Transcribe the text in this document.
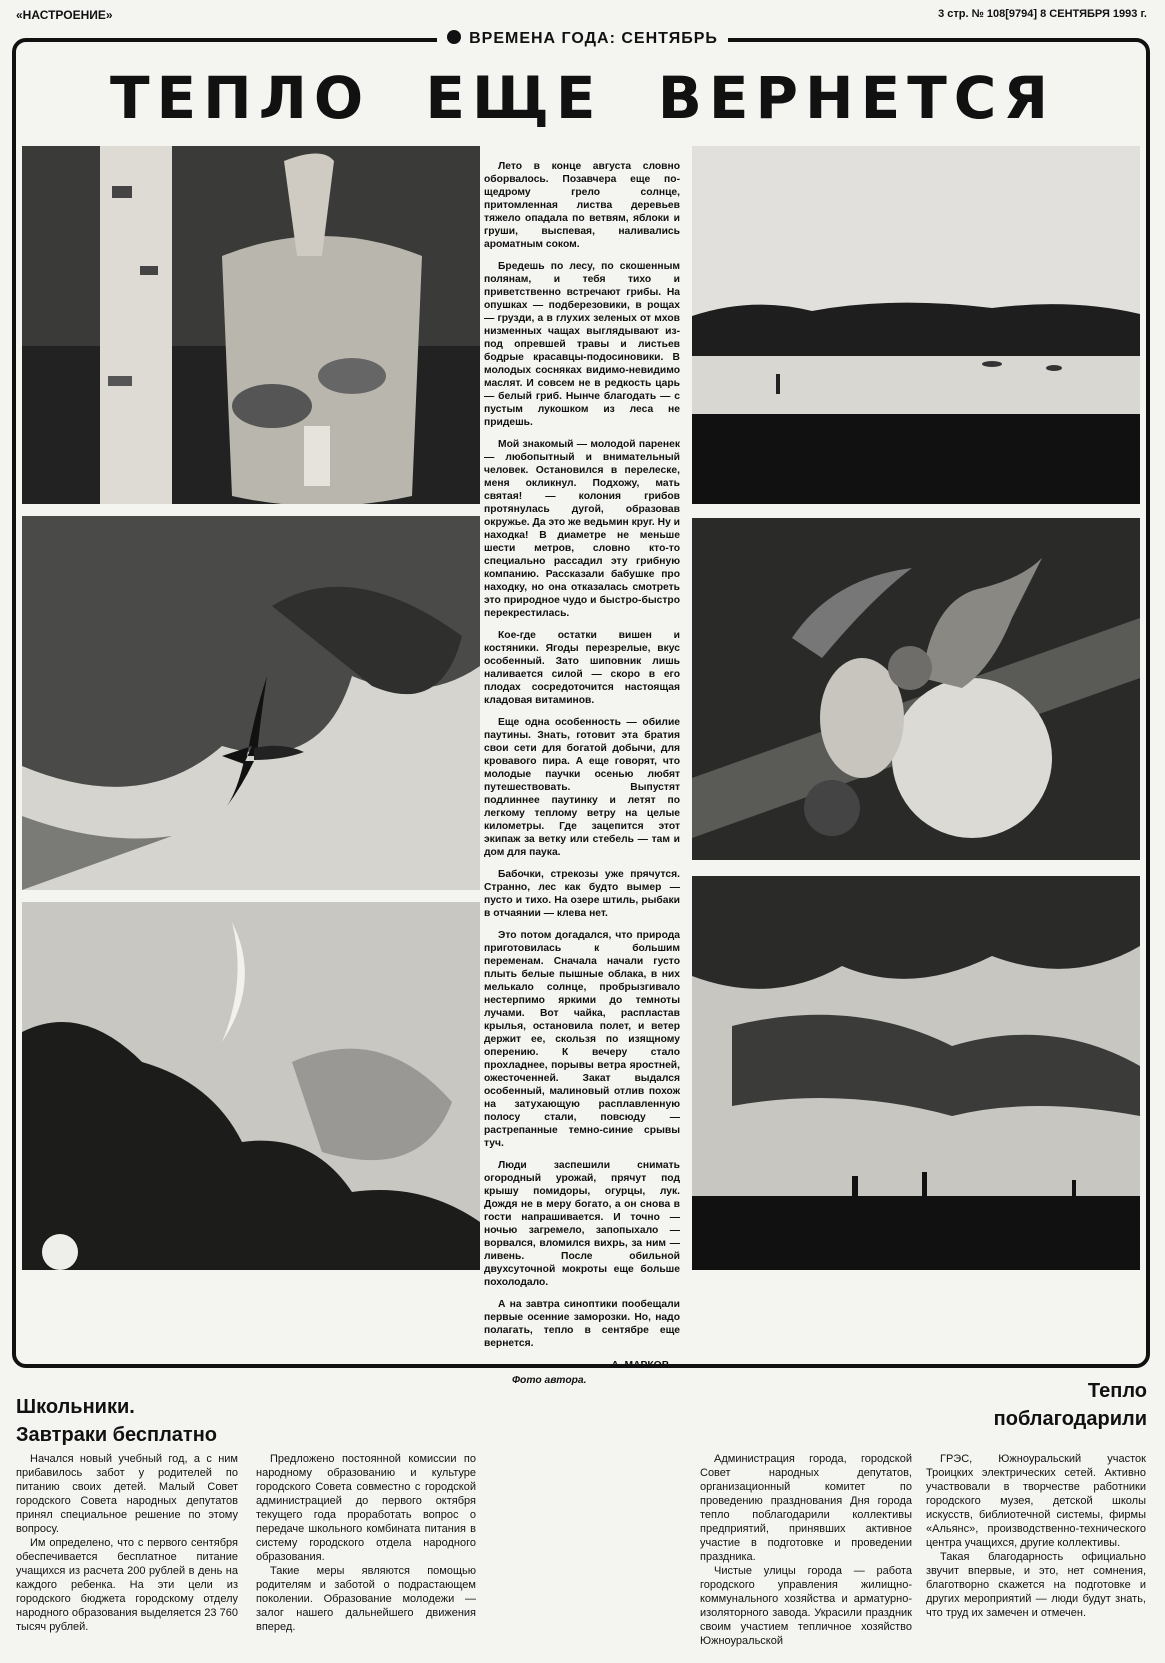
«НАСТРОЕНИЕ»	3 стр. № 108[9794] 8 СЕНТЯБРЯ 1993 г.
ВРЕМЕНА ГОДА: СЕНТЯБРЬ
ТЕПЛО ЕЩЕ ВЕРНЕТСЯ

Лето в конце августа словно оборвалось. Позавчера еще по-щедрому грело солнце, притомленная листва деревьев тяжело опадала по ветвям, яблоки и груши, выспевая, наливались ароматным соком.

Бредешь по лесу, по скошенным полянам, и тебя тихо и приветственно встречают грибы. На опушках — подберезовики, в рощах — грузди, а в глухих зеленых от мхов низменных чащах выглядывают из-под опревшей травы и листьев бодрые красавцы-подосиновики. В молодых сосняках видимо-невидимо маслят. И совсем не в редкость царь — белый гриб. Нынче благодать — с пустым лукошком из леса не придешь.

Мой знакомый — молодой паренек — любопытный и внимательный человек. Остановился в перелеске, меня окликнул. Подхожу, мать святая! — колония грибов протянулась дугой, образовав окружье. Да это же ведьмин круг. Ну и находка! В диаметре не меньше шести метров, словно кто-то специально рассадил эту грибную компанию. Рассказали бабушке про находку, но она отказалась смотреть это природное чудо и быстро-быстро перекрестилась.

Кое-где остатки вишен и костяники. Ягоды перезрелые, вкус особенный. Зато шиповник лишь наливается силой — скоро в его плодах сосредоточится настоящая кладовая витаминов.

Еще одна особенность — обилие паутины. Знать, готовит эта братия свои сети для богатой добычи, для кровавого пира. А еще говорят, что молодые паучки осенью любят путешествовать. Выпустят подлиннее паутинку и летят по легкому теплому ветру на целые километры. Где зацепится этот экипаж за ветку или стебель — там и дом для паука.

Бабочки, стрекозы уже прячутся. Странно, лес как будто вымер — пусто и тихо. На озере штиль, рыбаки в отчаянии — клева нет.

Это потом догадался, что природа приготовилась к большим переменам. Сначала начали густо плыть белые пышные облака, в них мелькало солнце, пробрызгивало нестерпимо яркими до темноты лучами. Вот чайка, распластав крылья, остановила полет, и ветер держит ее, скользя по изящному оперению. К вечеру стало прохладнее, порывы ветра яростней, ожесточенней. Закат выдался особенный, малиновый отлив похож на затухающую расплавленную полосу стали, повсюду — растрепанные темно-синие срывы туч.

Люди заспешили снимать огородный урожай, прячут под крышу помидоры, огурцы, лук. Дождя не в меру богато, а он снова в гости напрашивается. И точно — ночью загремело, запопыхало — ворвался, вломился вихрь, за ним — ливень. После обильной двухсуточной мокроты еще больше похолодало.

А на завтра синоптики пообещали первые осенние заморозки. Но, надо полагать, тепло в сентябре еще вернется.

А. МАРКОВ.

Фото автора.

Школьники.
Завтраки бесплатно

Начался новый учебный год, а с ним прибавилось забот у родителей по питанию своих детей. Малый Совет городского Совета народных депутатов принял специальное решение по этому вопросу.

Им определено, что с первого сентября обеспечивается бесплатное питание учащихся из расчета 200 рублей в день на каждого ребенка. На эти цели из городского бюджета городскому отделу народного образования выделяется 23 760 тысяч рублей.

Предложено постоянной комиссии по народному образованию и культуре городского Совета совместно с городской администрацией до первого октября текущего года проработать вопрос о передаче школьного комбината питания в систему городского отдела народного образования.

Такие меры являются помощью родителям и заботой о подрастающем поколении. Образование молодежи — залог нашего дальнейшего движения вперед.

Тепло
поблагодарили

Администрация города, городской Совет народных депутатов, организационный комитет по проведению празднования Дня города тепло поблагодарили коллективы предприятий, принявших активное участие в подготовке и проведении праздника.

Чистые улицы города — работа городского управления жилищно-коммунального хозяйства и арматурно-изоляторного завода. Украсили праздник своим участием тепличное хозяйство Южноуральской

ГРЭС, Южноуральский участок Троицких электрических сетей. Активно участвовали в творчестве работники городского музея, детской школы искусств, библиотечной системы, фирмы «Альянс», производственно-технического центра учащихся, другие коллективы.

Такая благодарность официально звучит впервые, и это, нет сомнения, благотворно скажется на подготовке и других мероприятий — люди будут знать, что труд их замечен и отмечен.
